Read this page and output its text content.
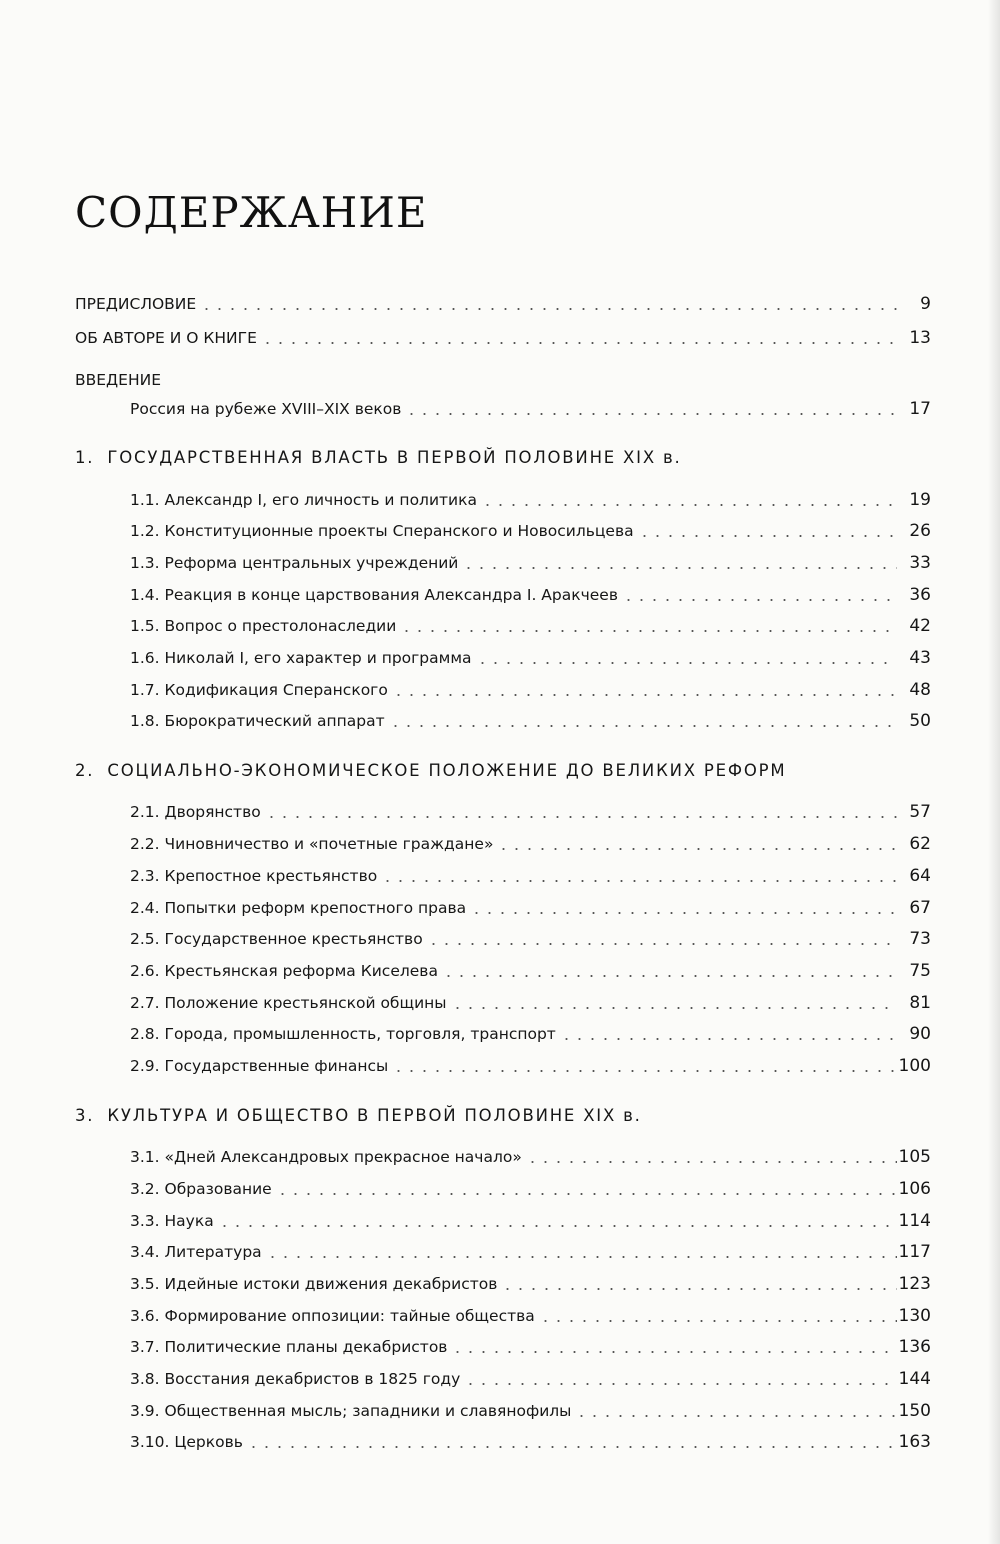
СОДЕРЖАНИЕ
ПРЕДИСЛОВИЕ	9
ОБ АВТОРЕ И О КНИГЕ	13
ВВЕДЕНИЕ
Россия на рубеже XVIII–XIX веков	17
1. ГОСУДАРСТВЕННАЯ ВЛАСТЬ В ПЕРВОЙ ПОЛОВИНЕ XIX в.
1.1. Александр I, его личность и политика	19
1.2. Конституционные проекты Сперанского и Новосильцева	26
1.3. Реформа центральных учреждений	33
1.4. Реакция в конце царствования Александра I. Аракчеев	36
1.5. Вопрос о престолонаследии	42
1.6. Николай I, его характер и программа	43
1.7. Кодификация Сперанского	48
1.8. Бюрократический аппарат	50
2. СОЦИАЛЬНО-ЭКОНОМИЧЕСКОЕ ПОЛОЖЕНИЕ ДО ВЕЛИКИХ РЕФОРМ
2.1. Дворянство	57
2.2. Чиновничество и «почетные граждане»	62
2.3. Крепостное крестьянство	64
2.4. Попытки реформ крепостного права	67
2.5. Государственное крестьянство	73
2.6. Крестьянская реформа Киселева	75
2.7. Положение крестьянской общины	81
2.8. Города, промышленность, торговля, транспорт	90
2.9. Государственные финансы	100
3. КУЛЬТУРА И ОБЩЕСТВО В ПЕРВОЙ ПОЛОВИНЕ XIX в.
3.1. «Дней Александровых прекрасное начало»	105
3.2. Образование	106
3.3. Наука	114
3.4. Литература	117
3.5. Идейные истоки движения декабристов	123
3.6. Формирование оппозиции: тайные общества	130
3.7. Политические планы декабристов	136
3.8. Восстания декабристов в 1825 году	144
3.9. Общественная мысль; западники и славянофилы	150
3.10. Церковь	163
